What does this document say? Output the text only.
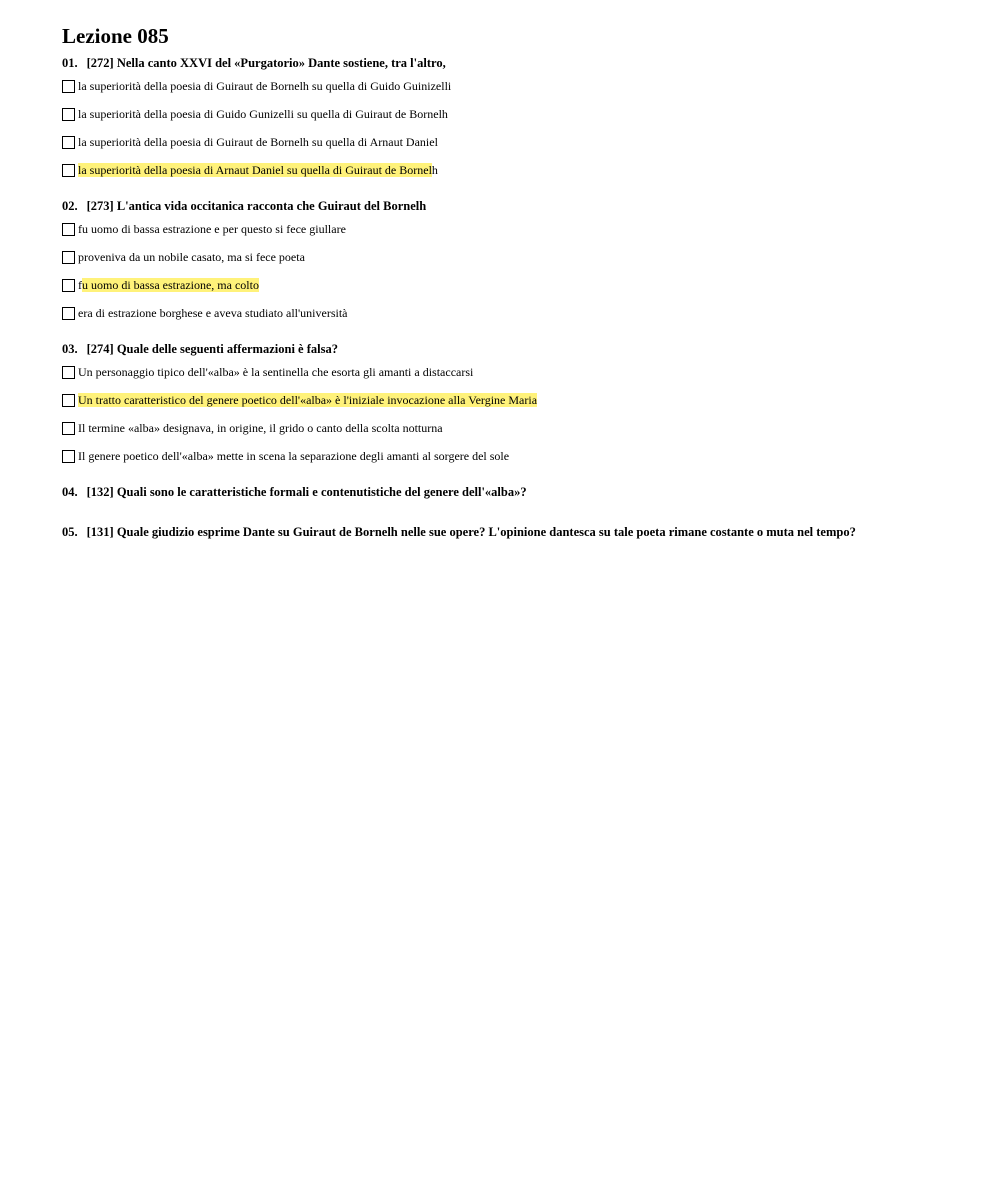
Lezione 085
01. [272] Nella canto XXVI del «Purgatorio» Dante sostiene, tra l'altro,
la superiorità della poesia di Guiraut de Bornelh su quella di Guido Guinizelli
la superiorità della poesia di Guido Gunizelli su quella di Guiraut de Bornelh
la superiorità della poesia di Guiraut de Bornelh su quella di Arnaut Daniel
la superiorità della poesia di Arnaut Daniel su quella di Guiraut de Bornelh
02. [273] L'antica vida occitanica racconta che Guiraut del Bornelh
fu uomo di bassa estrazione e per questo si fece giullare
proveniva da un nobile casato, ma si fece poeta
fu uomo di bassa estrazione, ma colto
era di estrazione borghese e aveva studiato all'università
03. [274] Quale delle seguenti affermazioni è falsa?
Un personaggio tipico dell'«alba» è la sentinella che esorta gli amanti a distaccarsi
Un tratto caratteristico del genere poetico dell'«alba» è l'iniziale invocazione alla Vergine Maria
Il termine «alba» designava, in origine, il grido o canto della scolta notturna
Il genere poetico dell'«alba» mette in scena la separazione degli amanti al sorgere del sole
04. [132] Quali sono le caratteristiche formali e contenutistiche del genere dell'«alba»?
05. [131] Quale giudizio esprime Dante su Guiraut de Bornelh nelle sue opere? L'opinione dantesca su tale poeta rimane costante o muta nel tempo?
